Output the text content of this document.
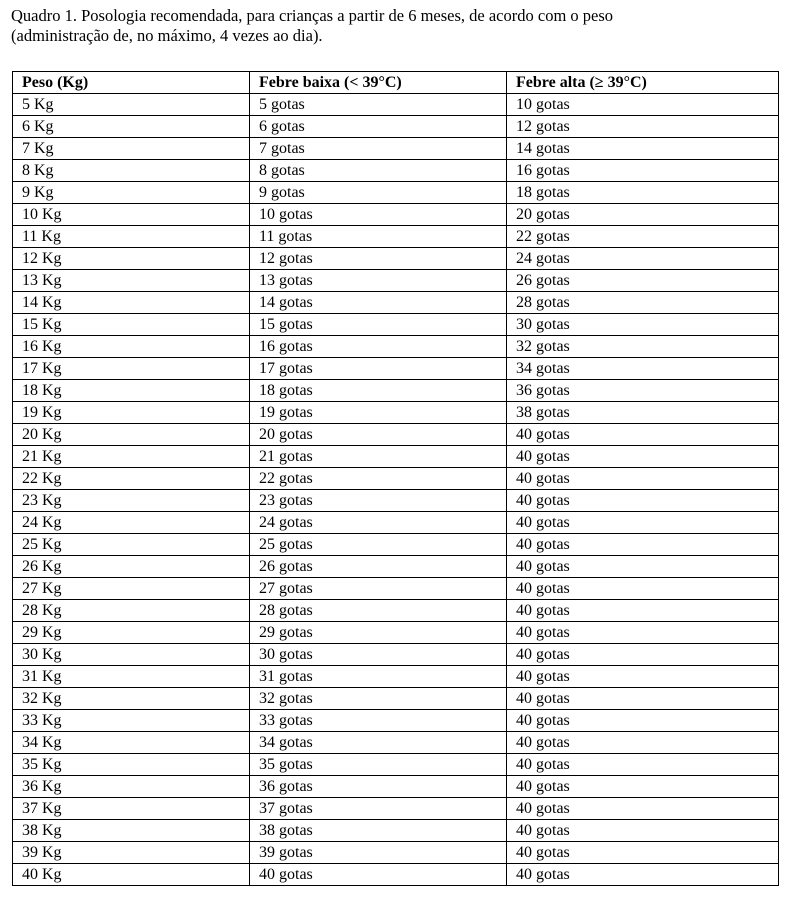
Quadro 1. Posologia recomendada, para crianças a partir de 6 meses, de acordo com o peso
(administração de, no máximo, 4 vezes ao dia).

Peso (Kg)	Febre baixa (< 39°C)	Febre alta (≥ 39°C)
5 Kg	5 gotas	10 gotas
6 Kg	6 gotas	12 gotas
7 Kg	7 gotas	14 gotas
8 Kg	8 gotas	16 gotas
9 Kg	9 gotas	18 gotas
10 Kg	10 gotas	20 gotas
11 Kg	11 gotas	22 gotas
12 Kg	12 gotas	24 gotas
13 Kg	13 gotas	26 gotas
14 Kg	14 gotas	28 gotas
15 Kg	15 gotas	30 gotas
16 Kg	16 gotas	32 gotas
17 Kg	17 gotas	34 gotas
18 Kg	18 gotas	36 gotas
19 Kg	19 gotas	38 gotas
20 Kg	20 gotas	40 gotas
21 Kg	21 gotas	40 gotas
22 Kg	22 gotas	40 gotas
23 Kg	23 gotas	40 gotas
24 Kg	24 gotas	40 gotas
25 Kg	25 gotas	40 gotas
26 Kg	26 gotas	40 gotas
27 Kg	27 gotas	40 gotas
28 Kg	28 gotas	40 gotas
29 Kg	29 gotas	40 gotas
30 Kg	30 gotas	40 gotas
31 Kg	31 gotas	40 gotas
32 Kg	32 gotas	40 gotas
33 Kg	33 gotas	40 gotas
34 Kg	34 gotas	40 gotas
35 Kg	35 gotas	40 gotas
36 Kg	36 gotas	40 gotas
37 Kg	37 gotas	40 gotas
38 Kg	38 gotas	40 gotas
39 Kg	39 gotas	40 gotas
40 Kg	40 gotas	40 gotas
